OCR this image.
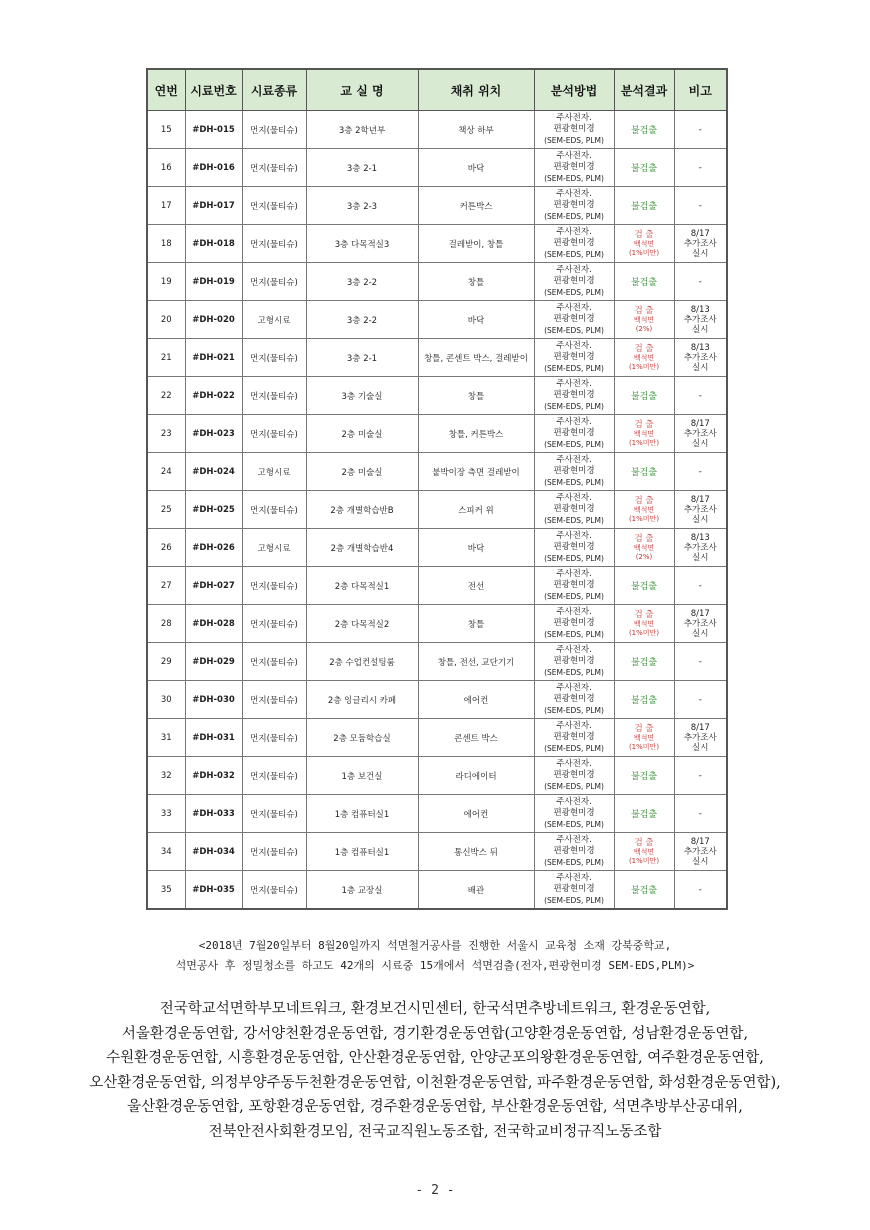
연번	시료번호	시료종류	교 실 명	채취 위치	분석방법	분석결과	비고
15	#DH-015	먼지(물티슈)	3층 2학년부	책상 하부	주사전자.
편광현미경
(SEM-EDS, PLM)	불검출	-

16	#DH-016	먼지(물티슈)	3층 2-1	바닥	주사전자.
편광현미경
(SEM-EDS, PLM)	불검출	-

17	#DH-017	먼지(물티슈)	3층 2-3	커튼박스	주사전자.
편광현미경
(SEM-EDS, PLM)	불검출	-

18	#DH-018	먼지(물티슈)	3층 다목적실3	걸레받이, 창틀	주사전자.
편광현미경
(SEM-EDS, PLM)	검 출
백석면
(1%미만)	8/17
추가조사
실시

19	#DH-019	먼지(물티슈)	3층 2-2	창틀	주사전자.
편광현미경
(SEM-EDS, PLM)	불검출	-

20	#DH-020	고형시료	3층 2-2	바닥	주사전자.
편광현미경
(SEM-EDS, PLM)	검 출
백석면
(2%)	8/13
추가조사
실시

21	#DH-021	먼지(물티슈)	3층 2-1	창틀, 콘센트 박스, 걸레받이	주사전자.
편광현미경
(SEM-EDS, PLM)	검 출
백석면
(1%미만)	8/13
추가조사
실시

22	#DH-022	먼지(물티슈)	3층 기술실	창틀	주사전자.
편광현미경
(SEM-EDS, PLM)	불검출	-

23	#DH-023	먼지(물티슈)	2층 미술실	창틀, 커튼박스	주사전자.
편광현미경
(SEM-EDS, PLM)	검 출
백석면
(1%미만)	8/17
추가조사
실시

24	#DH-024	고형시료	2층 미술실	붙박이장 측면 걸레받이	주사전자.
편광현미경
(SEM-EDS, PLM)	불검출	-

25	#DH-025	먼지(물티슈)	2층 개별학습반B	스피커 위	주사전자.
편광현미경
(SEM-EDS, PLM)	검 출
백석면
(1%미만)	8/17
추가조사
실시

26	#DH-026	고형시료	2층 개별학습반4	바닥	주사전자.
편광현미경
(SEM-EDS, PLM)	검 출
백석면
(2%)	8/13
추가조사
실시

27	#DH-027	먼지(물티슈)	2층 다목적실1	전선	주사전자.
편광현미경
(SEM-EDS, PLM)	불검출	-

28	#DH-028	먼지(물티슈)	2층 다목적실2	창틀	주사전자.
편광현미경
(SEM-EDS, PLM)	검 출
백석면
(1%미만)	8/17
추가조사
실시

29	#DH-029	먼지(물티슈)	2층 수업컨설팅룸	창틀, 전선, 교단기기	주사전자.
편광현미경
(SEM-EDS, PLM)	불검출	-

30	#DH-030	먼지(물티슈)	2층 잉글리시 카페	에어컨	주사전자.
편광현미경
(SEM-EDS, PLM)	불검출	-

31	#DH-031	먼지(물티슈)	2층 모둠학습실	콘센트 박스	주사전자.
편광현미경
(SEM-EDS, PLM)	검 출
백석면
(1%미만)	8/17
추가조사
실시

32	#DH-032	먼지(물티슈)	1층 보건실	라디에이터	주사전자.
편광현미경
(SEM-EDS, PLM)	불검출	-

33	#DH-033	먼지(물티슈)	1층 컴퓨터실1	에어컨	주사전자.
편광현미경
(SEM-EDS, PLM)	불검출	-

34	#DH-034	먼지(물티슈)	1층 컴퓨터실1	통신박스 뒤	주사전자.
편광현미경
(SEM-EDS, PLM)	검 출
백석면
(1%미만)	8/17
추가조사
실시

35	#DH-035	먼지(물티슈)	1층 교장실	배관	주사전자.
편광현미경
(SEM-EDS, PLM)	불검출	-
<2018년 7월20일부터 8월20일까지 석면철거공사를 진행한 서울시 교육청 소재 강북중학교,
석면공사 후 정밀청소를 하고도 42개의 시료중 15개에서 석면검출(전자,편광현미경 SEM-EDS,PLM)>
전국학교석면학부모네트워크, 환경보건시민센터, 한국석면추방네트워크, 환경운동연합,
서울환경운동연합, 강서양천환경운동연합, 경기환경운동연합(고양환경운동연합, 성남환경운동연합,
수원환경운동연합, 시흥환경운동연합, 안산환경운동연합, 안양군포의왕환경운동연합, 여주환경운동연합,
오산환경운동연합, 의정부양주동두천환경운동연합, 이천환경운동연합, 파주환경운동연합, 화성환경운동연합),
울산환경운동연합, 포항환경운동연합, 경주환경운동연합, 부산환경운동연합, 석면추방부산공대위,
전북안전사회환경모임, 전국교직원노동조합, 전국학교비정규직노동조합
- 2 -
